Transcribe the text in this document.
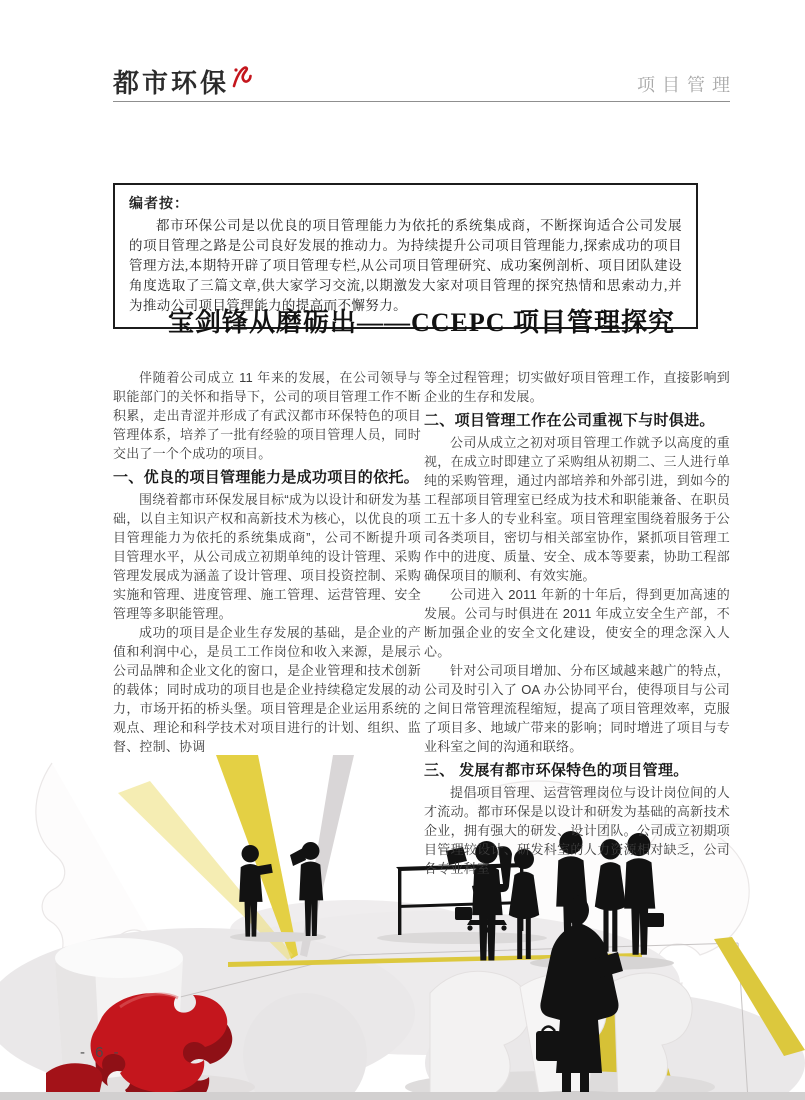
都市环保	项目管理
编者按：
都市环保公司是以优良的项目管理能力为依托的系统集成商，不断探询适合公司发展的项目管理之路是公司良好发展的推动力。为持续提升公司项目管理能力,探索成功的项目管理方法,本期特开辟了项目管理专栏,从公司项目管理研究、成功案例剖析、项目团队建设角度选取了三篇文章,供大家学习交流,以期激发大家对项目管理的探究热情和思索动力,并为推动公司项目管理能力的提高而不懈努力。
宝剑锋从磨砺出——CCEPC 项目管理探究

伴随着公司成立 11 年来的发展，在公司领导与职能部门的关怀和指导下，公司的项目管理工作不断积累，走出青涩并形成了有武汉都市环保特色的项目管理体系，培养了一批有经验的项目管理人员，同时交出了一个个成功的项目。

一、优良的项目管理能力是成功项目的依托。

围绕着都市环保发展目标“成为以设计和研发为基础，以自主知识产权和高新技术为核心，以优良的项目管理能力为依托的系统集成商”，公司不断提升项目管理水平，从公司成立初期单纯的设计管理、采购管理发展成为涵盖了设计管理、项目投资控制、采购实施和管理、进度管理、施工管理、运营管理、安全管理等多职能管理。

成功的项目是企业生存发展的基础，是企业的产值和利润中心，是员工工作岗位和收入来源，是展示公司品牌和企业文化的窗口，是企业管理和技术创新的载体；同时成功的项目也是企业持续稳定发展的动力，市场开拓的桥头堡。项目管理是企业运用系统的观点、理论和科学技术对项目进行的计划、组织、监督、控制、协调

等全过程管理；切实做好项目管理工作，直接影响到企业的生存和发展。

二、项目管理工作在公司重视下与时俱进。

公司从成立之初对项目管理工作就予以高度的重视，在成立时即建立了采购组从初期二、三人进行单纯的采购管理，通过内部培养和外部引进，到如今的工程部项目管理室已经成为技术和职能兼备、在职员工五十多人的专业科室。项目管理室围绕着服务于公司各类项目，密切与相关部室协作，紧抓项目管理工作中的进度、质量、安全、成本等要素，协助工程部确保项目的顺利、有效实施。

公司进入 2011 年新的十年后，得到更加高速的发展。公司与时俱进在 2011 年成立安全生产部，不断加强企业的安全文化建设，使安全的理念深入人心。

针对公司项目增加、分布区域越来越广的特点，公司及时引入了 OA 办公协同平台，使得项目与公司之间日常管理流程缩短，提高了项目管理效率，克服了项目多、地域广带来的影响；同时增进了项目与专业科室之间的沟通和联络。

三、 发展有都市环保特色的项目管理。

提倡项目管理、运营管理岗位与设计岗位间的人才流动。都市环保是以设计和研发为基础的高新技术企业，拥有强大的研发、设计团队。公司成立初期项目管理较设计、研发科室的人力资源相对缺乏，公司各专业科室

- 6 -
